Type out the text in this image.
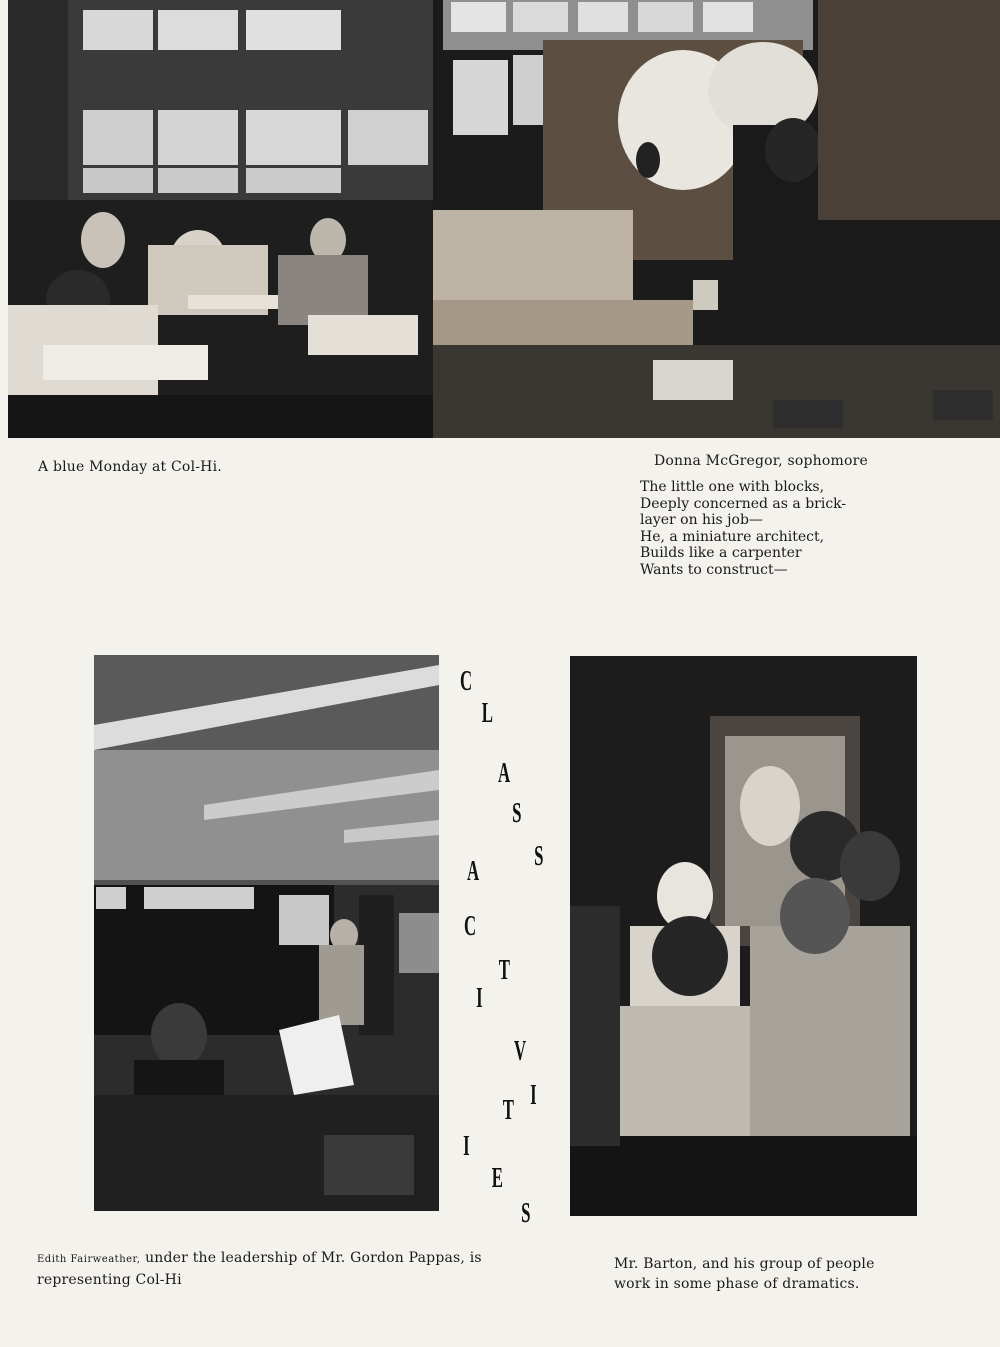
A blue Monday at Col-Hi.	Donna McGregor, sophomore
The little one with blocks,
Deeply concerned as a brick-
layer on his job—
He, a miniature architect,
Builds like a carpenter
Wants to construct—
C
L
A
S
S
A
C
T
I
V
I
T
I
E
S
Edith Fairweather, under the leadership of Mr. Gordon Pappas, is
representing Col-Hi
Mr. Barton, and his group of people
work in some phase of dramatics.
